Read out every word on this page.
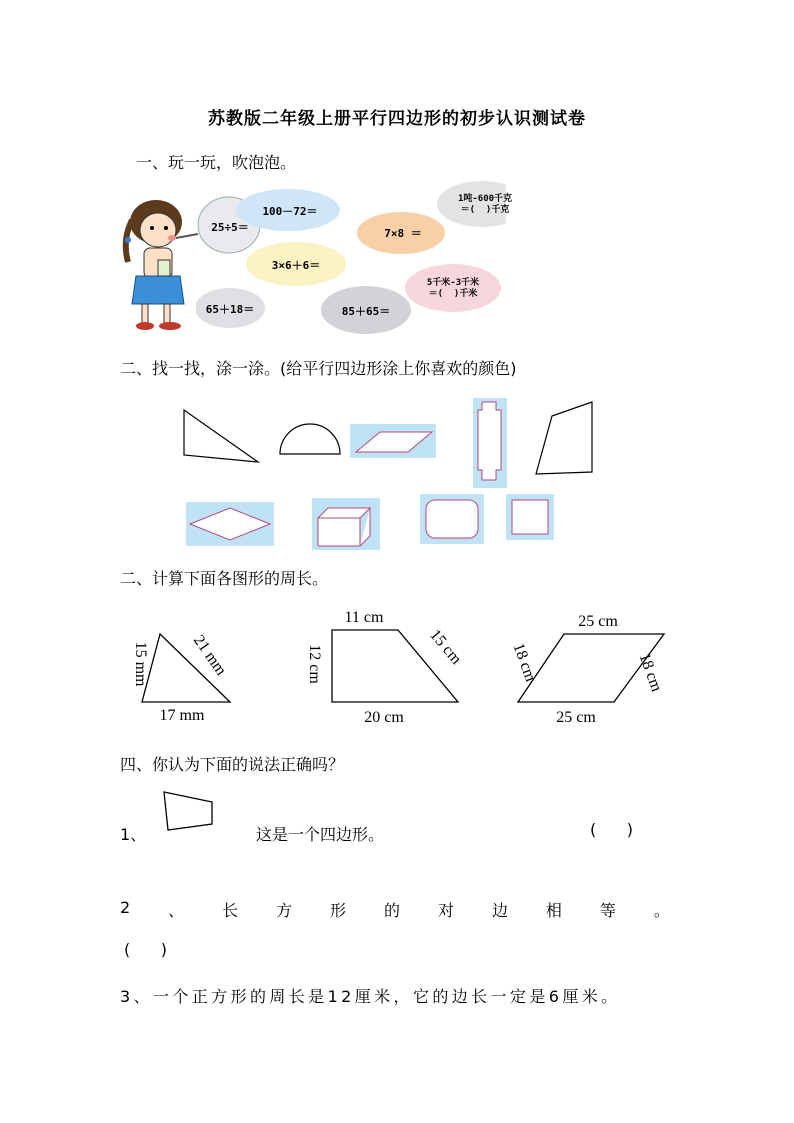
苏教版二年级上册平行四边形的初步认识测试卷
一、玩一玩，吹泡泡。
25÷5＝
100－72＝
1吨-600千克
＝(  )千克
7×8 ＝
3×6＋6＝
5千米-3千米
＝(  )千米
65＋18＝	85＋65＝
二、找一找，涂一涂。(给平行四边形涂上你喜欢的颜色)
二、计算下面各图形的周长。
15 mm	21 mm
17 mm
11 cm
12 cm	15 cm
20 cm
25 cm
18 cm	18 cm
25 cm
四、你认为下面的说法正确吗？
1、	这是一个四边形。	(      )
2 、 长 方 形 的 对 边 相 等 。
(      )
3、一个正方形的周长是12厘米，它的边长一定是6厘米。
